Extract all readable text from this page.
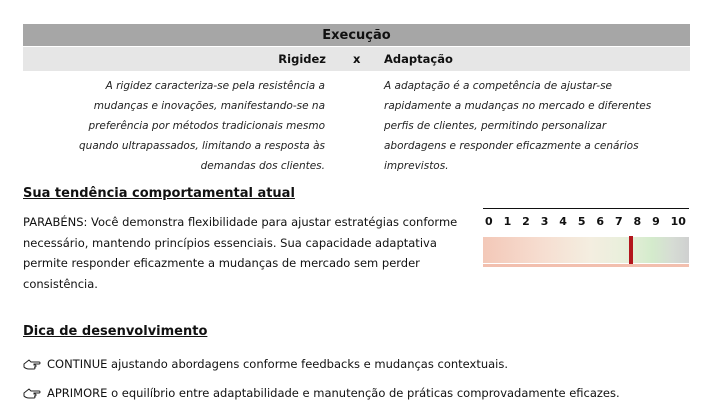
Execução
Rigidez x Adaptação
A rigidez caracteriza-se pela resistência a mudanças e inovações, manifestando-se na preferência por métodos tradicionais mesmo quando ultrapassados, limitando a resposta às demandas dos clientes.
A adaptação é a competência de ajustar-se rapidamente a mudanças no mercado e diferentes perfis de clientes, permitindo personalizar abordagens e responder eficazmente a cenários imprevistos.
Sua tendência comportamental atual
PARABÉNS: Você demonstra flexibilidade para ajustar estratégias conforme necessário, mantendo princípios essenciais. Sua capacidade adaptativa permite responder eficazmente a mudanças de mercado sem perder consistência.
0 1 2 3 4 5 6 7 8 9 10
Dica de desenvolvimento
CONTINUE ajustando abordagens conforme feedbacks e mudanças contextuais.
APRIMORE o equilíbrio entre adaptabilidade e manutenção de práticas comprovadamente eficazes.
